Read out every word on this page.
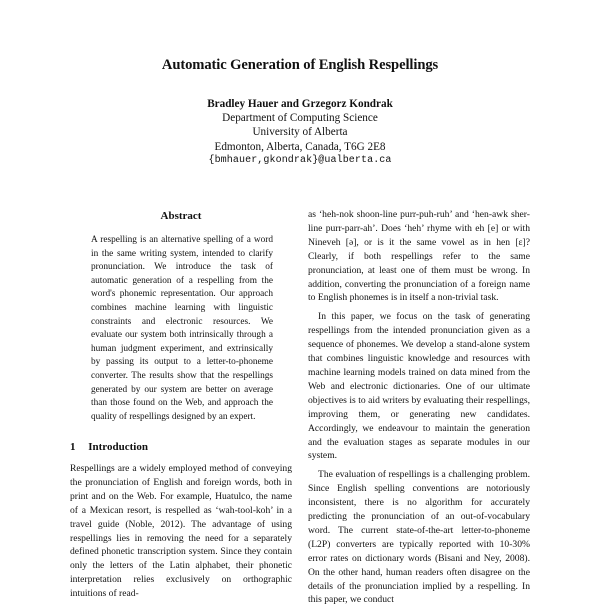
Automatic Generation of English Respellings
Bradley Hauer and Grzegorz Kondrak
Department of Computing Science
University of Alberta
Edmonton, Alberta, Canada, T6G 2E8
{bmhauer,gkondrak}@ualberta.ca
Abstract
A respelling is an alternative spelling of a word in the same writing system, intended to clarify pronunciation. We introduce the task of automatic generation of a respelling from the word's phonemic representation. Our approach combines machine learning with linguistic constraints and electronic resources. We evaluate our system both intrinsically through a human judgment experiment, and extrinsically by passing its output to a letter-to-phoneme converter. The results show that the respellings generated by our system are better on average than those found on the Web, and approach the quality of respellings designed by an expert.
1 Introduction

Respellings are a widely employed method of conveying the pronunciation of English and foreign words, both in print and on the Web. For example, Huatulco, the name of a Mexican resort, is respelled as ‘wah-tool-koh’ in a travel guide (Noble, 2012). The advantage of using respellings lies in removing the need for a separately defined phonetic transcription system. Since they contain only the letters of the Latin alphabet, their phonetic interpretation relies exclusively on orthographic intuitions of read-

as ‘heh-nok shoon-line purr-puh-ruh’ and ‘hen-awk sher-line purr-parr-ah’. Does ‘heh’ rhyme with eh [e] or with Nineveh [ə], or is it the same vowel as in hen [ɛ]? Clearly, if both respellings refer to the same pronunciation, at least one of them must be wrong. In addition, converting the pronunciation of a foreign name to English phonemes is in itself a non-trivial task.

In this paper, we focus on the task of generating respellings from the intended pronunciation given as a sequence of phonemes. We develop a stand-alone system that combines linguistic knowledge and resources with machine learning models trained on data mined from the Web and electronic dictionaries. One of our ultimate objectives is to aid writers by evaluating their respellings, improving them, or generating new candidates. Accordingly, we endeavour to maintain the generation and the evaluation stages as separate modules in our system.

The evaluation of respellings is a challenging problem. Since English spelling conventions are notoriously inconsistent, there is no algorithm for accurately predicting the pronunciation of an out-of-vocabulary word. The current state-of-the-art letter-to-phoneme (L2P) converters are typically reported with 10-30% error rates on dictionary words (Bisani and Ney, 2008). On the other hand, human readers often disagree on the details of the pronunciation implied by a respelling. In this paper, we conduct
